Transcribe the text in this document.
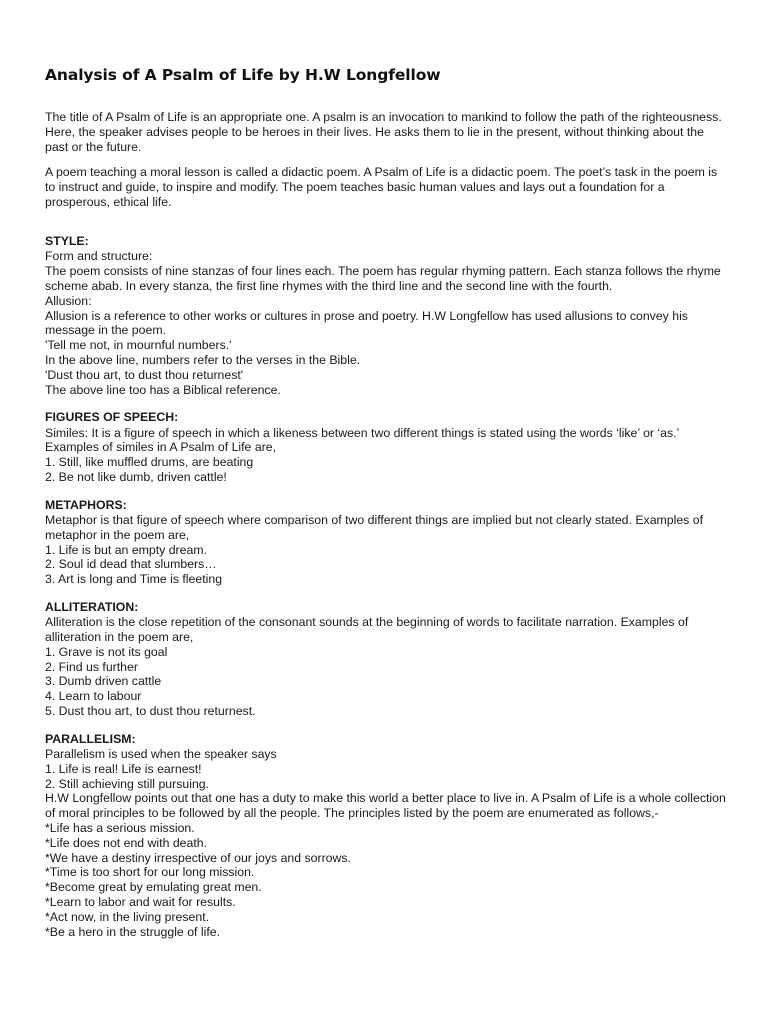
Analysis of A Psalm of Life by H.W Longfellow

The title of A Psalm of Life is an appropriate one. A psalm is an invocation to mankind to follow the path of the righteousness. Here, the speaker advises people to be heroes in their lives. He asks them to lie in the present, without thinking about the past or the future.

A poem teaching a moral lesson is called a didactic poem. A Psalm of Life is a didactic poem. The poet’s task in the poem is to instruct and guide, to inspire and modify. The poem teaches basic human values and lays out a foundation for a prosperous, ethical life.

STYLE:

Form and structure:

The poem consists of nine stanzas of four lines each. The poem has regular rhyming pattern. Each stanza follows the rhyme scheme abab. In every stanza, the first line rhymes with the third line and the second line with the fourth.

Allusion:

Allusion is a reference to other works or cultures in prose and poetry. H.W Longfellow has used allusions to convey his message in the poem.

'Tell me not, in mournful numbers.'

In the above line, numbers refer to the verses in the Bible.

'Dust thou art, to dust thou returnest'

The above line too has a Biblical reference.

FIGURES OF SPEECH:

Similes: It is a figure of speech in which a likeness between two different things is stated using the words ‘like’ or ‘as.’

Examples of similes in A Psalm of Life are,

1. Still, like muffled drums, are beating

2. Be not like dumb, driven cattle!

METAPHORS:

Metaphor is that figure of speech where comparison of two different things are implied but not clearly stated. Examples of metaphor in the poem are,

1. Life is but an empty dream.

2. Soul id dead that slumbers…

3. Art is long and Time is fleeting

ALLITERATION:

Alliteration is the close repetition of the consonant sounds at the beginning of words to facilitate narration. Examples of alliteration in the poem are,

1. Grave is not its goal

2. Find us further

3. Dumb driven cattle

4. Learn to labour

5. Dust thou art, to dust thou returnest.

PARALLELISM:

Parallelism is used when the speaker says

1. Life is real! Life is earnest!

2. Still achieving still pursuing.

H.W Longfellow points out that one has a duty to make this world a better place to live in. A Psalm of Life is a whole collection of moral principles to be followed by all the people. The principles listed by the poem are enumerated as follows,-

*Life has a serious mission.

*Life does not end with death.

*We have a destiny irrespective of our joys and sorrows.

*Time is too short for our long mission.

*Become great by emulating great men.

*Learn to labor and wait for results.

*Act now, in the living present.

*Be a hero in the struggle of life.
